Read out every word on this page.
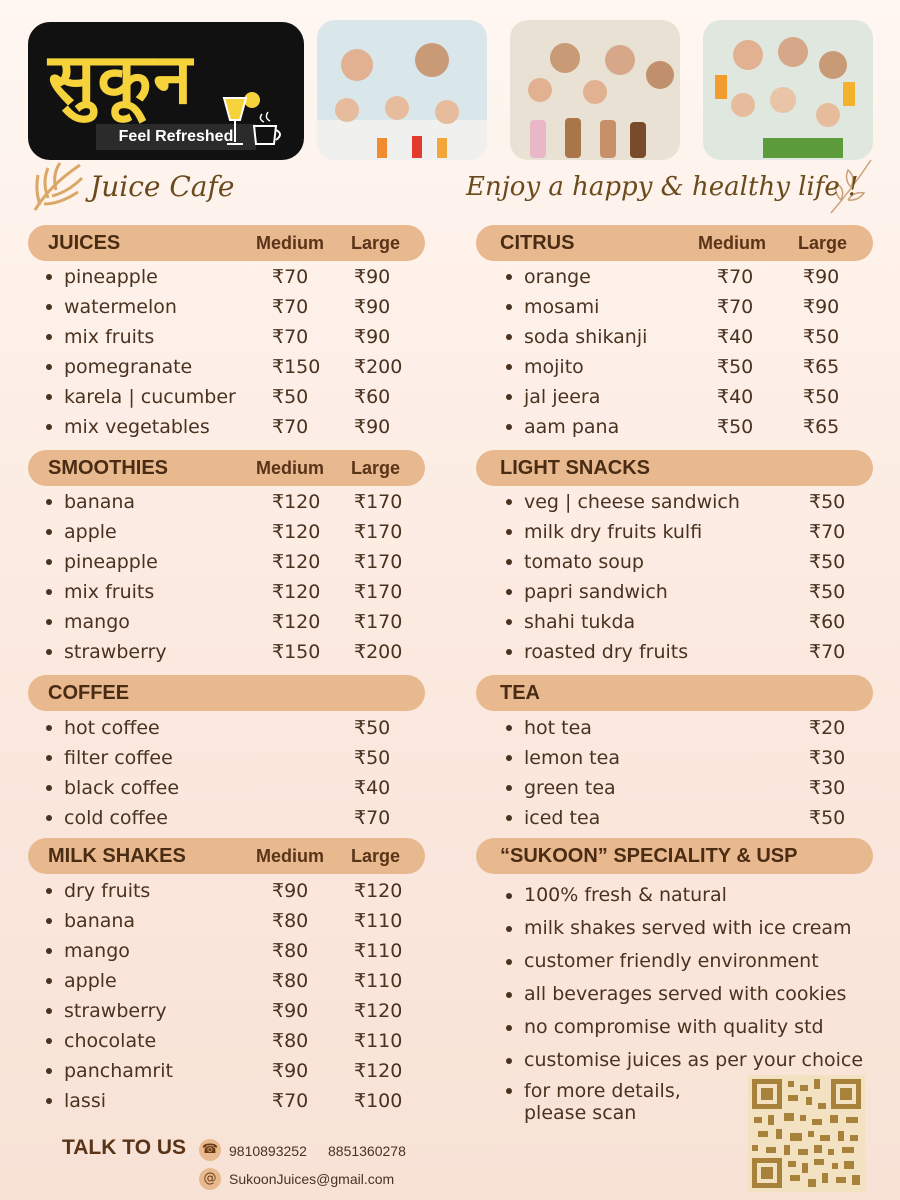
सुकून
Feel Refreshed
Juice Cafe	Enjoy a happy & healthy life !
JUICES	Medium Large
pineapple	₹70 ₹90
watermelon	₹70 ₹90
mix fruits	₹70 ₹90
pomegranate	₹150 ₹200
karela | cucumber ₹50 ₹60
mix vegetables	₹70 ₹90
CITRUS	Medium Large
orange	₹70	₹90
mosami	₹70	₹90
soda shikanji	₹40	₹50
mojito	₹50	₹65
jal jeera	₹40	₹50
aam pana	₹50	₹65
SMOOTHIES	Medium Large
banana	₹120 ₹170
apple	₹120 ₹170
pineapple	₹120 ₹170
mix fruits	₹120 ₹170
mango	₹120 ₹170
strawberry	₹150 ₹200
LIGHT SNACKS
veg | cheese sandwich	₹50
milk dry fruits kulfi	₹70
tomato soup	₹50
papri sandwich	₹50
shahi tukda	₹60
roasted dry fruits	₹70
COFFEE
hot coffee	₹50
filter coffee	₹50
black coffee	₹40
cold coffee	₹70
TEA
hot tea	₹20
lemon tea	₹30
green tea	₹30
iced tea	₹50
MILK SHAKES	Medium Large
dry fruits	₹90 ₹120
banana	₹80 ₹110
mango	₹80 ₹110
apple	₹80 ₹110
strawberry	₹90 ₹120
chocolate	₹80 ₹110
panchamrit	₹90 ₹120
lassi	₹70 ₹100
“SUKOON” SPECIALITY & USP
100% fresh & natural
milk shakes served with ice cream
customer friendly environment
all beverages served with cookies
no compromise with quality std
customise juices as per your choice
for more details,
please scan
TALK TO US ☎ 9810893252 8851360278
@ SukoonJuices@gmail.com
